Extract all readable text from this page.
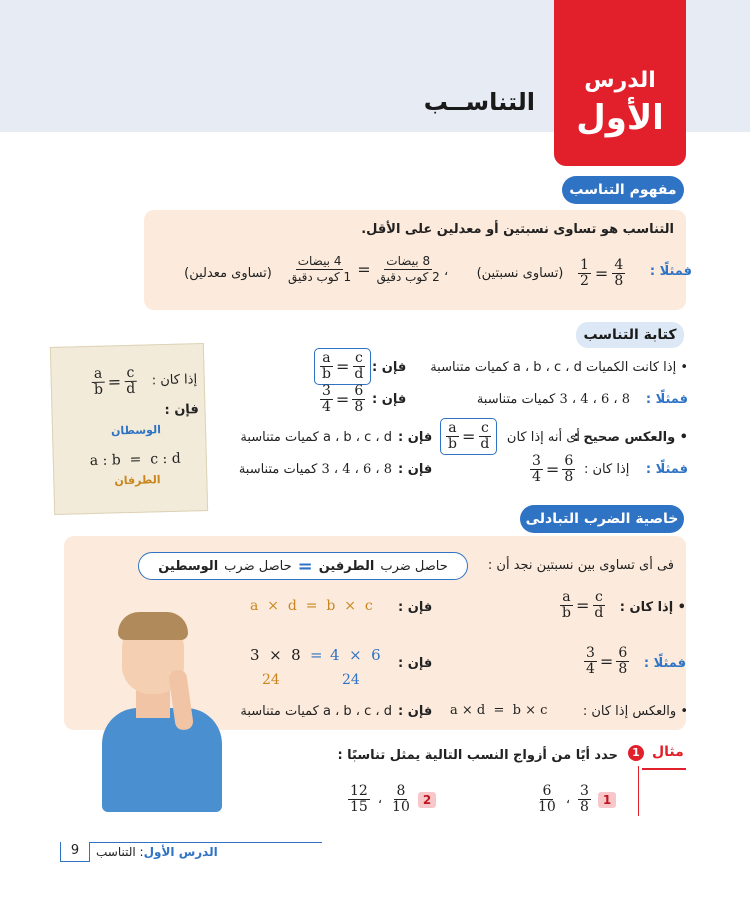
التناســب
الدرس
الأول
مفهوم التناسب
التناسب هو تساوى نسبتين أو معدلين على الأقل.
فمثلًا :
$\frac{1}{2} = \frac{4}{8}$
(تساوى نسبتين)
،
$\frac{\text{4 بيضات}}{\text{1 كوب دقيق}} = \frac{\text{8 بيضات}}{\text{2 كوب دقيق}}$
(تساوى معدلين)
كتابة التناسب
• إذا كانت الكميات a ، b ، c ، d كميات متناسبة
فإن :
$\frac{a}{b} = \frac{c}{d}$
فمثلًا :
8 ، 6 ، 4 ، 3 كميات متناسبة
فإن :
$\frac{3}{4} = \frac{6}{8}$
• والعكس صحيح :
أى أنه إذا كان
$\frac{a}{b} = \frac{c}{d}$
فإن :
a ، b ، c ، d كميات متناسبة
فمثلًا :
إذا كان :
$\frac{3}{4} = \frac{6}{8}$
فإن :
8 ، 6 ، 4 ، 3 كميات متناسبة
إذا كان :
$\frac{a}{b} = \frac{c}{d}$
فإن :
الوسطان
a : b  =  c : d
الطرفان
خاصية الضرب التبادلى
فى أى تساوى بين نسبتين نجد أن :
حاصل ضرب
الطرفين
=
حاصل ضرب
الوسطين
• إذا كان :
$\frac{a}{b} = \frac{c}{d}$
فإن :
a  ×  d  =  b  ×  c
فمثلًا :
$\frac{3}{4} = \frac{6}{8}$
فإن :
3  ×  8 = 4  ×  6
24	24
• والعكس إذا كان :
a × d  =  b × c
فإن :
a ، b ، c ، d كميات متناسبة
مثال
1
حدد أيًا من أزواج النسب التالية يمثل تناسبًا :
1
$\frac{6}{10}$ ، $\frac{3}{8}$
2
$\frac{12}{15}$ ، $\frac{8}{10}$
9	الدرس الأول: التناسب
